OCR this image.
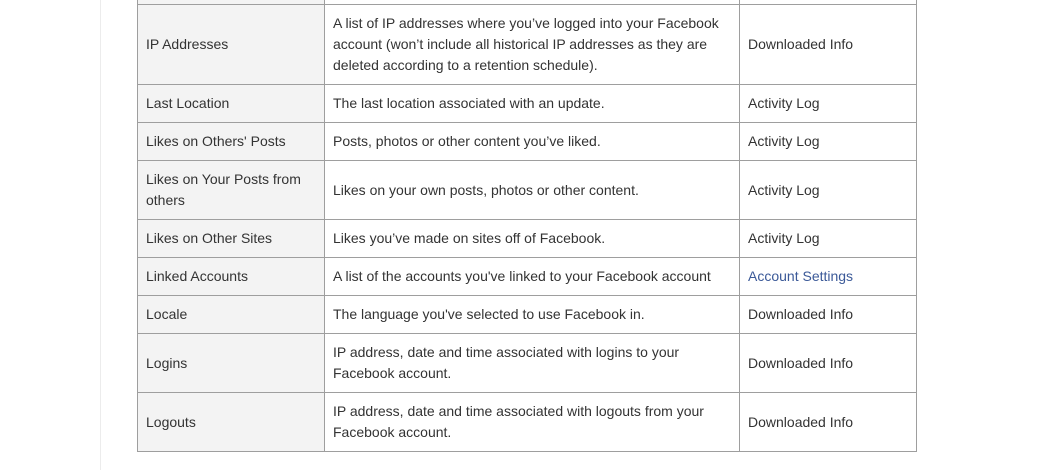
IP Addresses	A list of IP addresses where you’ve logged into your Facebook account (won’t include all historical IP addresses as they are deleted according to a retention schedule).	Downloaded Info
Last Location	The last location associated with an update.	Activity Log
Likes on Others' Posts	Posts, photos or other content you’ve liked.	Activity Log
Likes on Your Posts from others	Likes on your own posts, photos or other content.	Activity Log
Likes on Other Sites	Likes you’ve made on sites off of Facebook.	Activity Log
Linked Accounts	A list of the accounts you've linked to your Facebook account	Account Settings
Locale	The language you've selected to use Facebook in.	Downloaded Info
Logins	IP address, date and time associated with logins to your Facebook account.	Downloaded Info
Logouts	IP address, date and time associated with logouts from your Facebook account.	Downloaded Info
